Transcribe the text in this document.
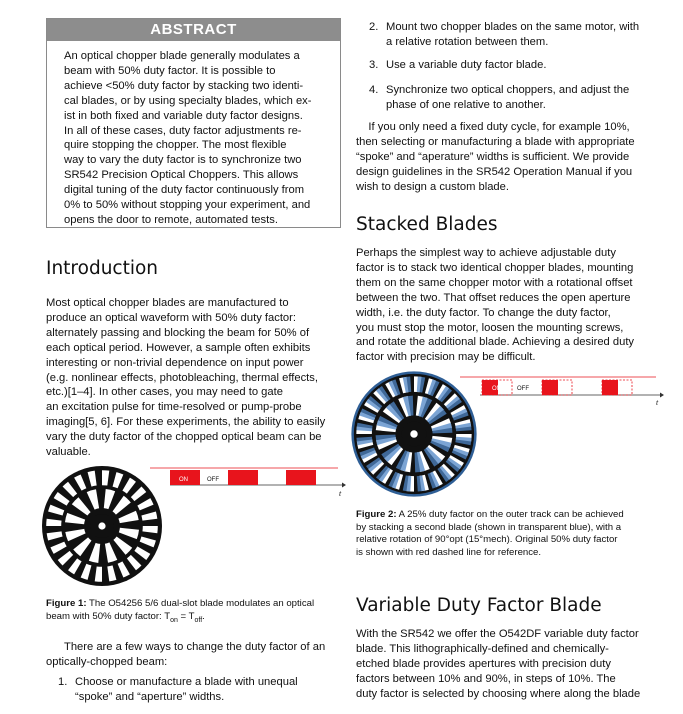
ABSTRACT

An optical chopper blade generally modulates a

beam with 50% duty factor. It is possible to

achieve <50% duty factor by stacking two identi-

cal blades, or by using specialty blades, which ex-

ist in both fixed and variable duty factor designs.

In all of these cases, duty factor adjustments re-

quire stopping the chopper. The most flexible

way to vary the duty factor is to synchronize two

SR542 Precision Optical Choppers. This allows

digital tuning of the duty factor continuously from

0% to 50% without stopping your experiment, and

opens the door to remote, automated tests.

Introduction

Most optical chopper blades are manufactured to

produce an optical waveform with 50% duty factor:

alternately passing and blocking the beam for 50% of

each optical period. However, a sample often exhibits

interesting or non-trivial dependence on input power

(e.g. nonlinear effects, photobleaching, thermal effects,

etc.)[1–4]. In other cases, you may need to gate

an excitation pulse for time-resolved or pump-probe

imaging[5, 6]. For these experiments, the ability to easily

vary the duty factor of the chopped optical beam can be

valuable.

ON	OFF
t
Figure 1: The O54256 5/6 dual-slot blade modulates an optical
beam with 50% duty factor: $T_{on} = T_{off}$.

There are a few ways to change the duty factor of an

optically-chopped beam:

1. Choose or manufacture a blade with unequal

“spoke” and “aperture” widths.

2. Mount two chopper blades on the same motor, with

a relative rotation between them.

3. Use a variable duty factor blade.

4. Synchronize two optical choppers, and adjust the

phase of one relative to another.

If you only need a fixed duty cycle, for example 10%,

then selecting or manufacturing a blade with appropriate

“spoke” and “aperature” widths is sufficient. We provide

design guidelines in the SR542 Operation Manual if you

wish to design a custom blade.

Stacked Blades

Perhaps the simplest way to achieve adjustable duty

factor is to stack two identical chopper blades, mounting

them on the same chopper motor with a rotational offset

between the two. That offset reduces the open aperture

width, i.e. the duty factor. To change the duty factor,

you must stop the motor, loosen the mounting screws,

and rotate the additional blade. Achieving a desired duty

factor with precision may be difficult.

ON	OFF
t
Figure 2: A 25% duty factor on the outer track can be achieved
by stacking a second blade (shown in transparent blue), with a
relative rotation of 90°opt (15°mech). Original 50% duty factor
is shown with red dashed line for reference.
Variable Duty Factor Blade

With the SR542 we offer the O542DF variable duty factor

blade. This lithographically-defined and chemically-

etched blade provides apertures with precision duty

factors between 10% and 90%, in steps of 10%. The

duty factor is selected by choosing where along the blade
